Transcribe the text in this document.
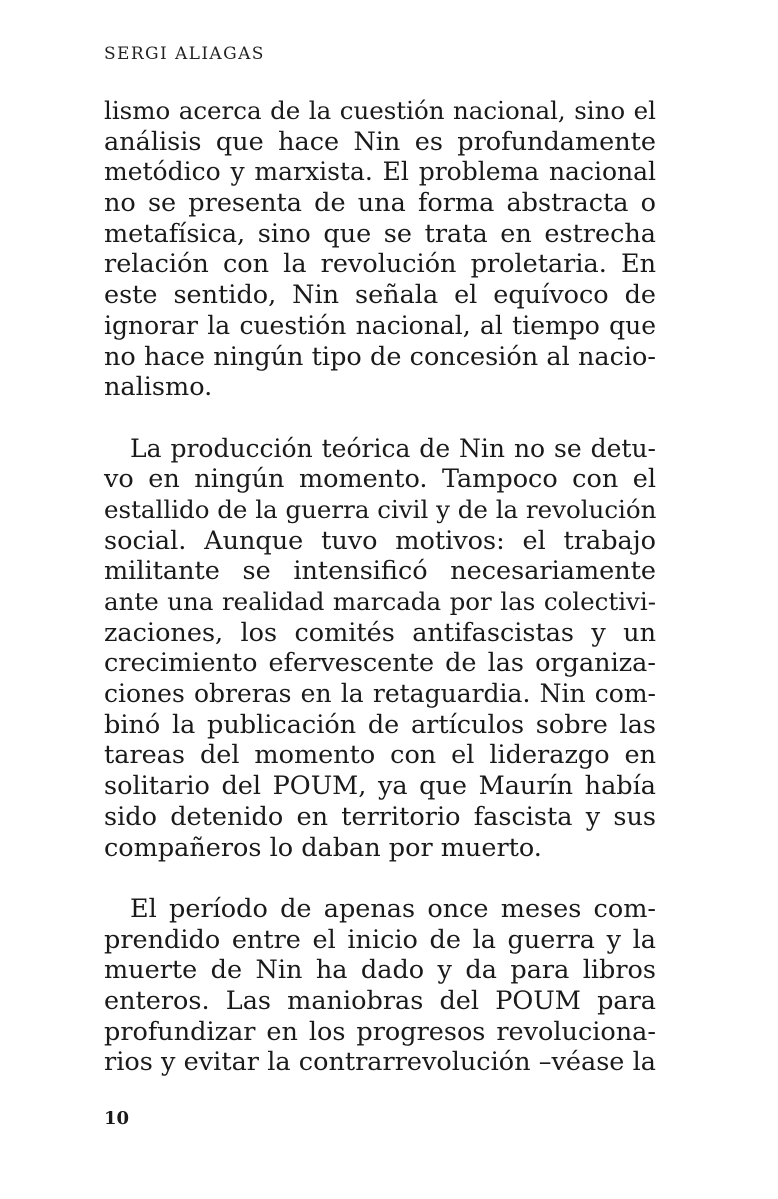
SERGI ALIAGAS
lismo acerca de la cuestión nacional, sino el
análisis que hace Nin es profundamente
metódico y marxista. El problema nacional
no se presenta de una forma abstracta o
metafísica, sino que se trata en estrecha
relación con la revolución proletaria. En
este sentido, Nin señala el equívoco de
ignorar la cuestión nacional, al tiempo que
no hace ningún tipo de concesión al nacio-
nalismo.
La producción teórica de Nin no se detu-
vo en ningún momento. Tampoco con el
estallido de la guerra civil y de la revolución
social. Aunque tuvo motivos: el trabajo
militante se intensificó necesariamente
ante una realidad marcada por las colectivi-
zaciones, los comités antifascistas y un
crecimiento efervescente de las organiza-
ciones obreras en la retaguardia. Nin com-
binó la publicación de artículos sobre las
tareas del momento con el liderazgo en
solitario del POUM, ya que Maurín había
sido detenido en territorio fascista y sus
compañeros lo daban por muerto.
El período de apenas once meses com-
prendido entre el inicio de la guerra y la
muerte de Nin ha dado y da para libros
enteros. Las maniobras del POUM para
profundizar en los progresos revoluciona-
rios y evitar la contrarrevolución –véase la
10
